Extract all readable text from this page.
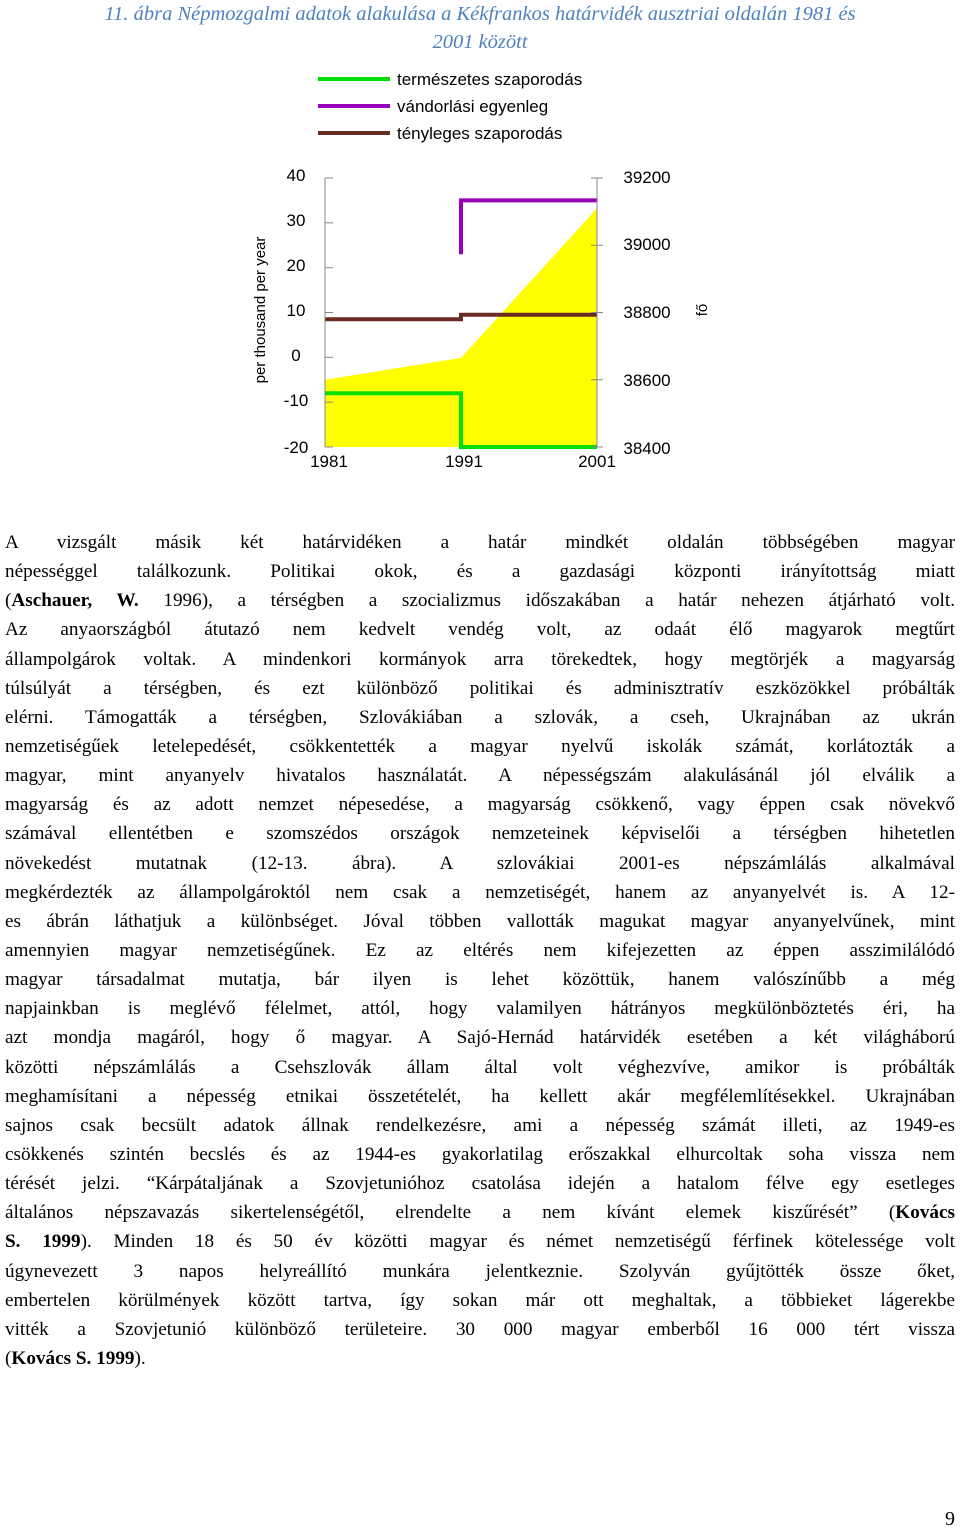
11. ábra Népmozgalmi adatok alakulása a Kékfrankos határvidék ausztriai oldalán 1981 és
2001 között
-20
-10
0
10
20
30
40
38400
38600
38800
39000
39200
1981	1991	2001
per thousand per year	fő
természetes szaporodás
vándorlási egyenleg
tényleges szaporodás
A vizsgált másik két határvidéken a határ mindkét oldalán többségében magyar
népességgel találkozunk. Politikai okok, és a gazdasági központi irányítottság miatt
(Aschauer, W. 1996), a térségben a szocializmus időszakában a határ nehezen átjárható volt.
Az anyaországból átutazó nem kedvelt vendég volt, az odaát élő magyarok megtűrt
állampolgárok voltak. A mindenkori kormányok arra törekedtek, hogy megtörjék a magyarság
túlsúlyát a térségben, és ezt különböző politikai és adminisztratív eszközökkel próbálták
elérni. Támogatták a térségben, Szlovákiában a szlovák, a cseh, Ukrajnában az ukrán
nemzetiségűek letelepedését, csökkentették a magyar nyelvű iskolák számát, korlátozták a
magyar, mint anyanyelv hivatalos használatát. A népességszám alakulásánál jól elválik a
magyarság és az adott nemzet népesedése, a magyarság csökkenő, vagy éppen csak növekvő
számával ellentétben e szomszédos országok nemzeteinek képviselői a térségben hihetetlen
növekedést mutatnak (12-13. ábra). A szlovákiai 2001-es népszámlálás alkalmával
megkérdezték az állampolgároktól nem csak a nemzetiségét, hanem az anyanyelvét is. A 12-
es ábrán láthatjuk a különbséget. Jóval többen vallották magukat magyar anyanyelvűnek, mint
amennyien magyar nemzetiségűnek. Ez az eltérés nem kifejezetten az éppen asszimilálódó
magyar társadalmat mutatja, bár ilyen is lehet közöttük, hanem valószínűbb a még
napjainkban is meglévő félelmet, attól, hogy valamilyen hátrányos megkülönböztetés éri, ha
azt mondja magáról, hogy ő magyar. A Sajó-Hernád határvidék esetében a két világháború
közötti népszámlálás a Csehszlovák állam által volt véghezvíve, amikor is próbálták
meghamísítani a népesség etnikai összetételét, ha kellett akár megfélemlítésekkel. Ukrajnában
sajnos csak becsült adatok állnak rendelkezésre, ami a népesség számát illeti, az 1949-es
csökkenés szintén becslés és az 1944-es gyakorlatilag erőszakkal elhurcoltak soha vissza nem
térését jelzi. “Kárpátaljának a Szovjetunióhoz csatolása idején a hatalom félve egy esetleges
általános népszavazás sikertelenségétől, elrendelte a nem kívánt elemek kiszűrését” (Kovács
S. 1999). Minden 18 és 50 év közötti magyar és német nemzetiségű férfinek kötelessége volt
úgynevezett 3 napos helyreállító munkára jelentkeznie. Szolyván gyűjtötték össze őket,
embertelen körülmények között tartva, így sokan már ott meghaltak, a többieket lágerekbe
vitték a Szovjetunió különböző területeire. 30 000 magyar emberből 16 000 tért vissza
(Kovács S. 1999).
9
